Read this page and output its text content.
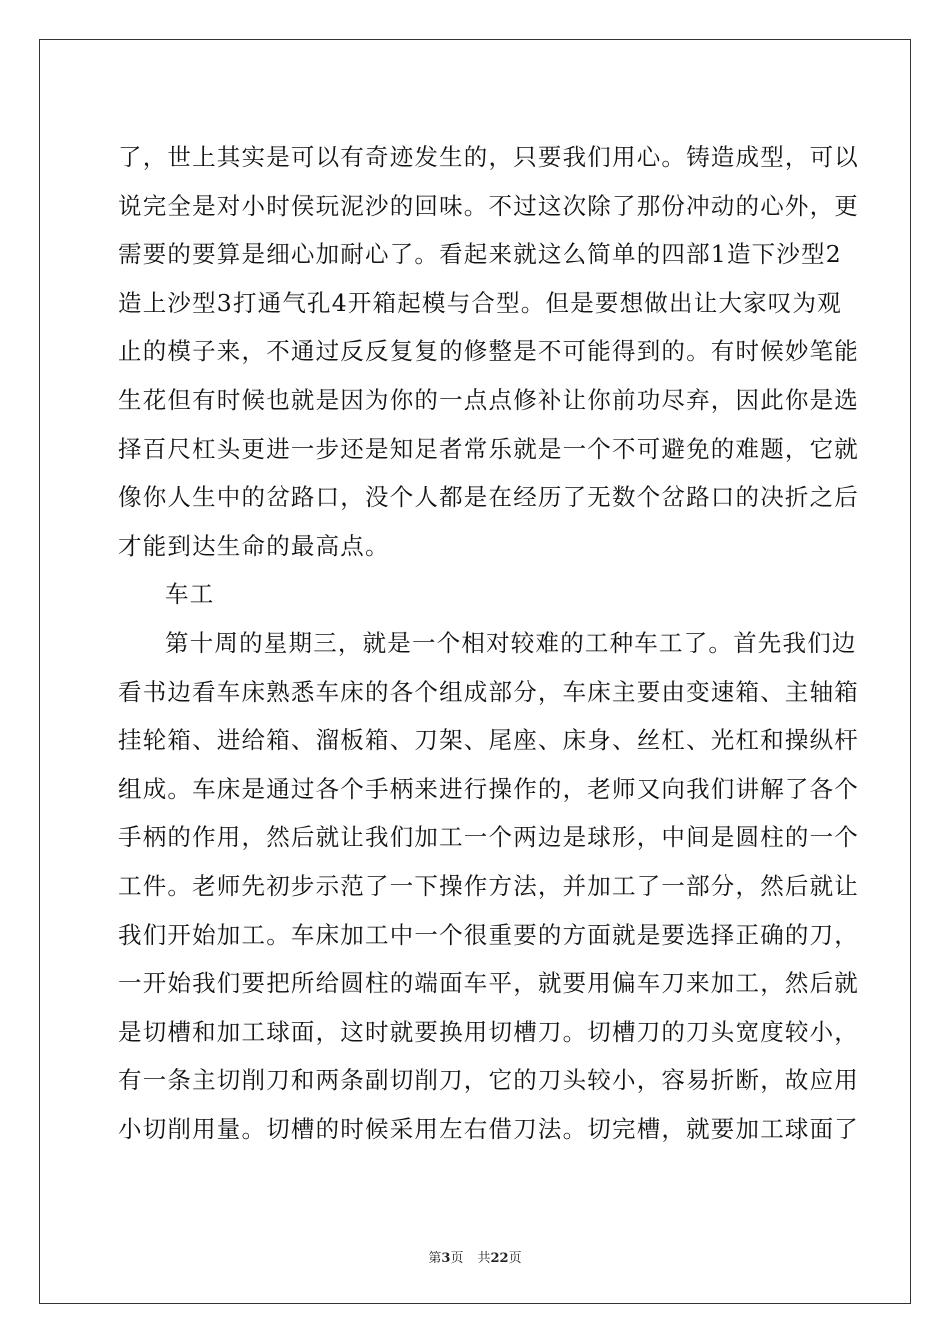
了，世上其实是可以有奇迹发生的，只要我们用心。铸造成型，可以
说完全是对小时侯玩泥沙的回味。不过这次除了那份冲动的心外，更
需要的要算是细心加耐心了。看起来就这么简单的四部1造下沙型2
造上沙型3打通气孔4开箱起模与合型。但是要想做出让大家叹为观
止的模子来，不通过反反复复的修整是不可能得到的。有时候妙笔能
生花但有时候也就是因为你的一点点修补让你前功尽弃，因此你是选
择百尺杠头更进一步还是知足者常乐就是一个不可避免的难题，它就
像你人生中的岔路口，没个人都是在经历了无数个岔路口的决折之后
才能到达生命的最高点。
车工
第十周的星期三，就是一个相对较难的工种车工了。首先我们边
看书边看车床熟悉车床的各个组成部分，车床主要由变速箱、主轴箱
挂轮箱、进给箱、溜板箱、刀架、尾座、床身、丝杠、光杠和操纵杆
组成。车床是通过各个手柄来进行操作的，老师又向我们讲解了各个
手柄的作用，然后就让我们加工一个两边是球形，中间是圆柱的一个
工件。老师先初步示范了一下操作方法，并加工了一部分，然后就让
我们开始加工。车床加工中一个很重要的方面就是要选择正确的刀，
一开始我们要把所给圆柱的端面车平，就要用偏车刀来加工，然后就
是切槽和加工球面，这时就要换用切槽刀。切槽刀的刀头宽度较小，
有一条主切削刀和两条副切削刀，它的刀头较小，容易折断，故应用
小切削用量。切槽的时候采用左右借刀法。切完槽，就要加工球面了
第3页 共22页
